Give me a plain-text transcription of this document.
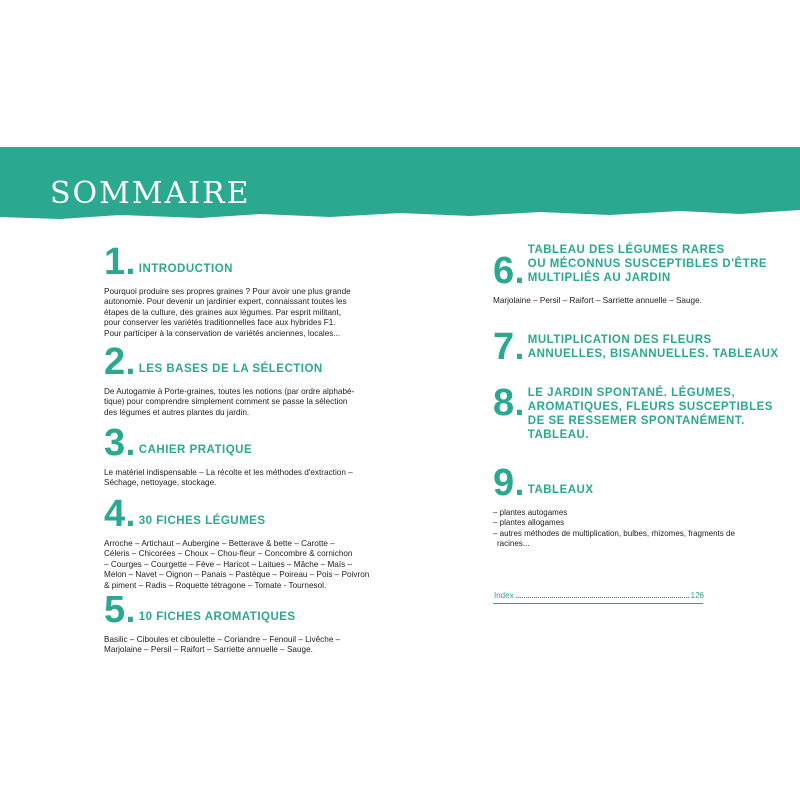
SOMMAIRE
1 . INTRODUCTION
Pourquoi produire ses propres graines ? Pour avoir une plus grande
autonomie. Pour devenir un jardinier expert, connaissant toutes les
étapes de la culture, des graines aux légumes. Par esprit militant,
pour conserver les variétés traditionnelles face aux hybrides F1.
Pour participer à la conservation de variétés anciennes, locales...
2 . LES BASES DE LA SÉLECTION
De Autogamie à Porte-graines, toutes les notions (par ordre alphabé-
tique) pour comprendre simplement comment se passe la sélection
des légumes et autres plantes du jardin.
3 . CAHIER PRATIQUE
Le matériel indispensable – La récolte et les méthodes d'extraction –
Séchage, nettoyage, stockage.
4 . 30 FICHES LÉGUMES
Arroche – Artichaut – Aubergine – Betterave & bette – Carotte –
Céleris – Chicorées – Choux – Chou-fleur – Concombre & cornichon
– Courges – Courgette – Fève – Haricot – Laitues – Mâche – Maïs –
Melon – Navet – Oignon – Panais – Pastèque – Poireau – Pois – Poivron
& piment – Radis – Roquette tétragone – Tomate - Tournesol.
5 . 10 FICHES AROMATIQUES
Basilic – Ciboules et ciboulette – Coriandre – Fenouil – Livêche –
Marjolaine – Persil – Raifort – Sarriette annuelle – Sauge.
6 .
TABLEAU DES LÉGUMES RARES
OU MÉCONNUS SUSCEPTIBLES D'ÊTRE
MULTIPLIÉS AU JARDIN
Marjolaine – Persil – Raifort – Sarriette annuelle – Sauge.
7 . MULTIPLICATION DES FLEURS
ANNUELLES, BISANNUELLES. TABLEAUX
8 . LE JARDIN SPONTANÉ. LÉGUMES,
AROMATIQUES, FLEURS SUSCEPTIBLES
DE SE RESSEMER SPONTANÉMENT.
TABLEAU.
9 . TABLEAUX
– plantes autogames
– plantes allogames
– autres méthodes de multiplication, bulbes, rhizomes, fragments de
racines...
Index	126
